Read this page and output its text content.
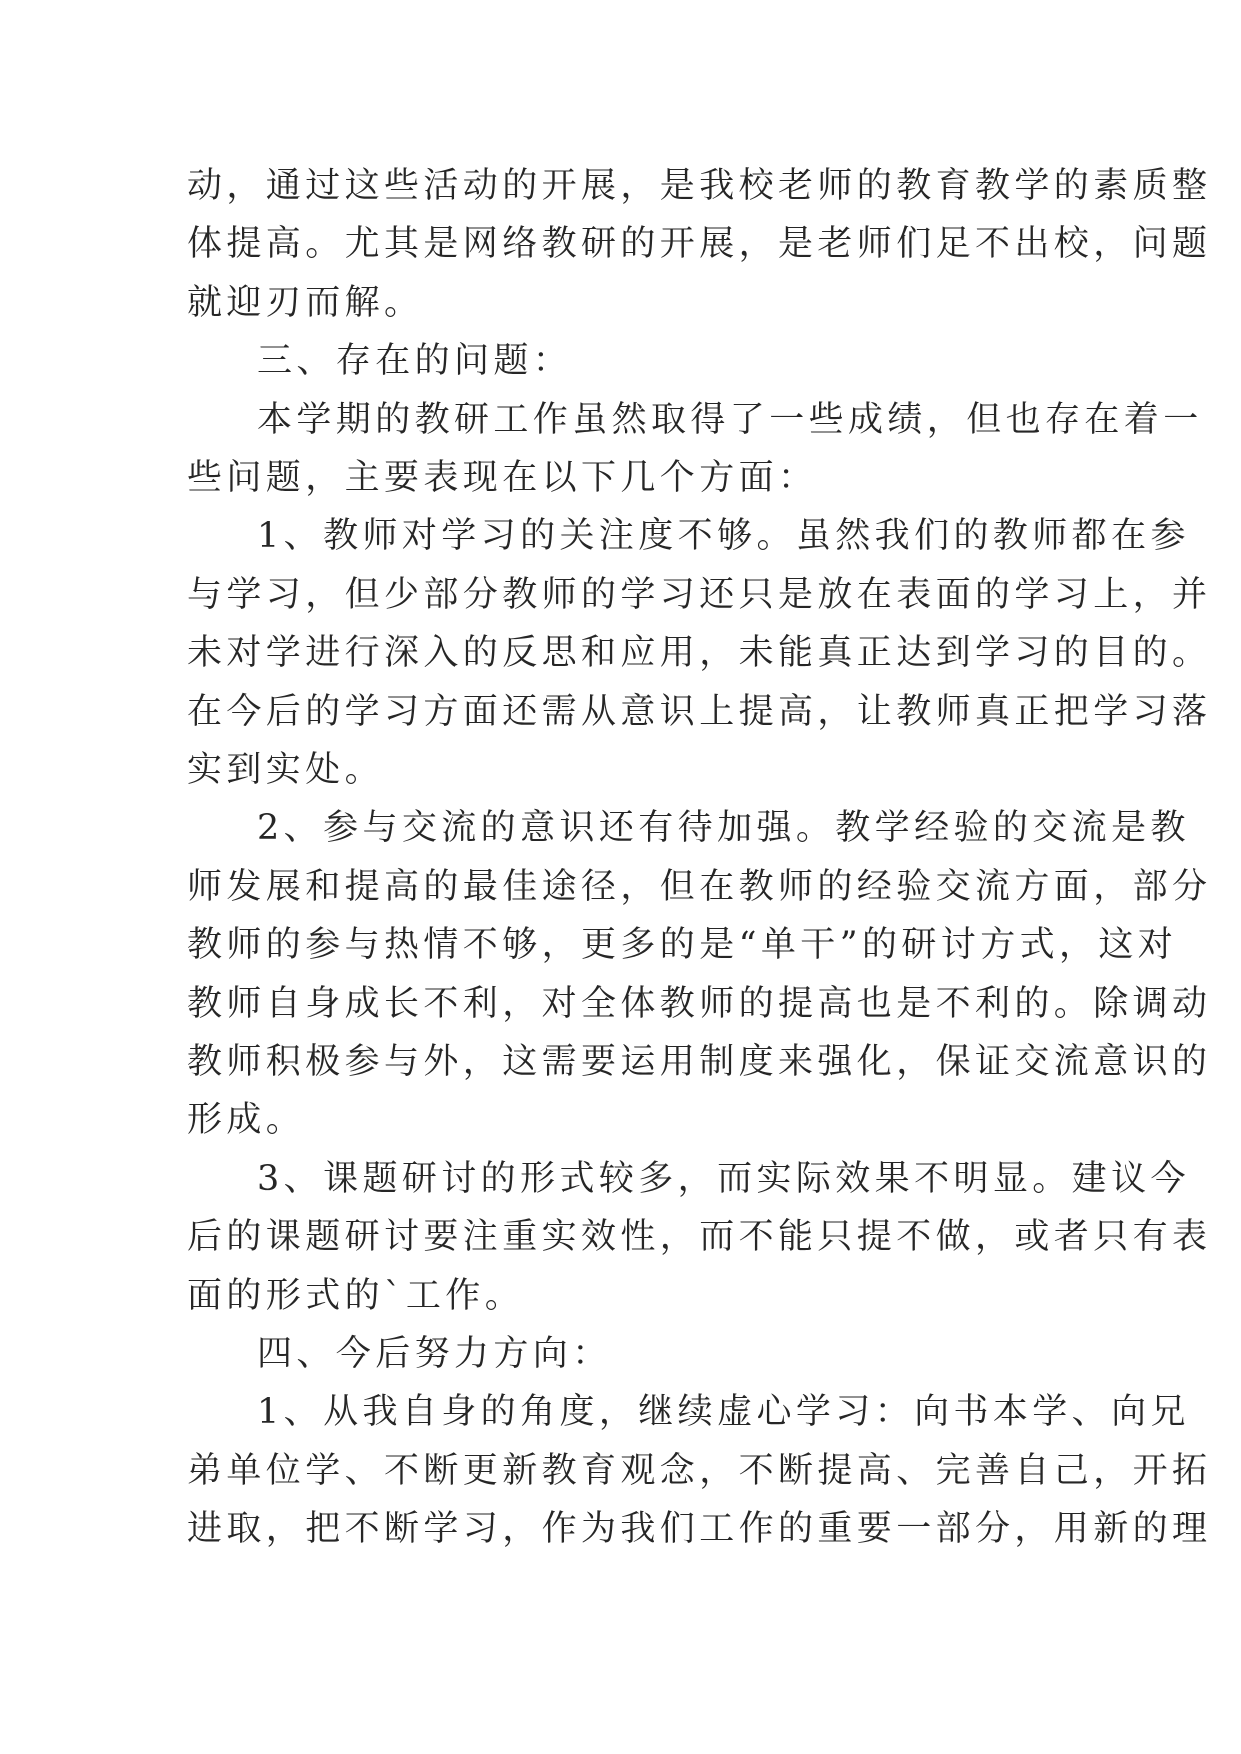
动，通过这些活动的开展，是我校老师的教育教学的素质整
体提高。尤其是网络教研的开展，是老师们足不出校，问题
就迎刃而解。
三、存在的问题：
本学期的教研工作虽然取得了一些成绩，但也存在着一
些问题，主要表现在以下几个方面：
1、教师对学习的关注度不够。虽然我们的教师都在参
与学习，但少部分教师的学习还只是放在表面的学习上，并
未对学进行深入的反思和应用，未能真正达到学习的目的。
在今后的学习方面还需从意识上提高，让教师真正把学习落
实到实处。
2、参与交流的意识还有待加强。教学经验的交流是教
师发展和提高的最佳途径，但在教师的经验交流方面，部分
教师的参与热情不够，更多的是“单干”的研讨方式，这对
教师自身成长不利，对全体教师的提高也是不利的。除调动
教师积极参与外，这需要运用制度来强化，保证交流意识的
形成。
3、课题研讨的形式较多，而实际效果不明显。建议今
后的课题研讨要注重实效性，而不能只提不做，或者只有表
面的形式的`工作。
四、今后努力方向：
1、从我自身的角度，继续虚心学习：向书本学、向兄
弟单位学、不断更新教育观念，不断提高、完善自己，开拓
进取，把不断学习，作为我们工作的重要一部分，用新的理
